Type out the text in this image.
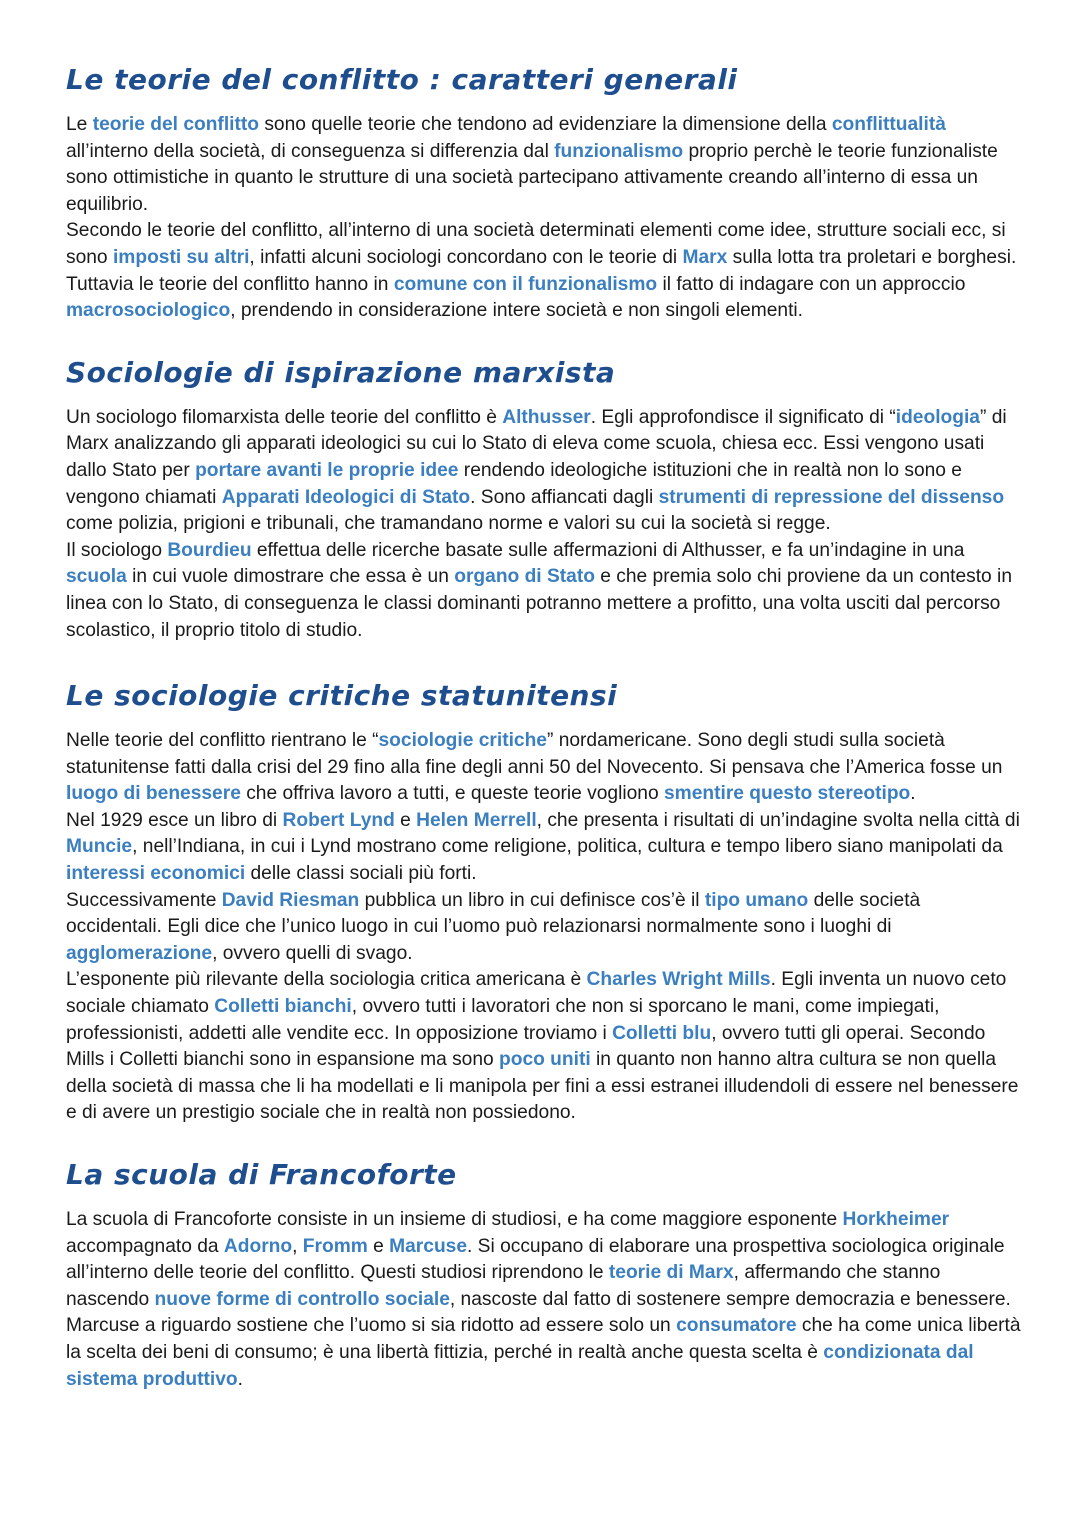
Le teorie del conflitto : caratteri generali

Le teorie del conflitto sono quelle teorie che tendono ad evidenziare la dimensione della conflittualità all’interno della società, di conseguenza si differenzia dal funzionalismo proprio perchè le teorie funzionaliste sono ottimistiche in quanto le strutture di una società partecipano attivamente creando all’interno di essa un equilibrio.

Secondo le teorie del conflitto, all’interno di una società determinati elementi come idee, strutture sociali ecc, si sono imposti su altri, infatti alcuni sociologi concordano con le teorie di Marx sulla lotta tra proletari e borghesi.

Tuttavia le teorie del conflitto hanno in comune con il funzionalismo il fatto di indagare con un approccio macrosociologico, prendendo in considerazione intere società e non singoli elementi.

Sociologie di ispirazione marxista

Un sociologo filomarxista delle teorie del conflitto è Althusser. Egli approfondisce il significato di “ideologia” di Marx analizzando gli apparati ideologici su cui lo Stato di eleva come scuola, chiesa ecc. Essi vengono usati dallo Stato per portare avanti le proprie idee rendendo ideologiche istituzioni che in realtà non lo sono e vengono chiamati Apparati Ideologici di Stato. Sono affiancati dagli strumenti di repressione del dissenso come polizia, prigioni e tribunali, che tramandano norme e valori su cui la società si regge.

Il sociologo Bourdieu effettua delle ricerche basate sulle affermazioni di Althusser, e fa un’indagine in una scuola in cui vuole dimostrare che essa è un organo di Stato e che premia solo chi proviene da un contesto in linea con lo Stato, di conseguenza le classi dominanti potranno mettere a profitto, una volta usciti dal percorso scolastico, il proprio titolo di studio.

Le sociologie critiche statunitensi

Nelle teorie del conflitto rientrano le “sociologie critiche” nordamericane. Sono degli studi sulla società statunitense fatti dalla crisi del 29 fino alla fine degli anni 50 del Novecento. Si pensava che l’America fosse un luogo di benessere che offriva lavoro a tutti, e queste teorie vogliono smentire questo stereotipo.

Nel 1929 esce un libro di Robert Lynd e Helen Merrell, che presenta i risultati di un’indagine svolta nella città di Muncie, nell’Indiana, in cui i Lynd mostrano come religione, politica, cultura e tempo libero siano manipolati da interessi economici delle classi sociali più forti.

Successivamente David Riesman pubblica un libro in cui definisce cos’è il tipo umano delle società occidentali. Egli dice che l’unico luogo in cui l’uomo può relazionarsi normalmente sono i luoghi di agglomerazione, ovvero quelli di svago.

L’esponente più rilevante della sociologia critica americana è Charles Wright Mills. Egli inventa un nuovo ceto sociale chiamato Colletti bianchi, ovvero tutti i lavoratori che non si sporcano le mani, come impiegati, professionisti, addetti alle vendite ecc. In opposizione troviamo i Colletti blu, ovvero tutti gli operai. Secondo Mills i Colletti bianchi sono in espansione ma sono poco uniti in quanto non hanno altra cultura se non quella della società di massa che li ha modellati e li manipola per fini a essi estranei illudendoli di essere nel benessere e di avere un prestigio sociale che in realtà non possiedono.

La scuola di Francoforte

La scuola di Francoforte consiste in un insieme di studiosi, e ha come maggiore esponente Horkheimer accompagnato da Adorno, Fromm e Marcuse. Si occupano di elaborare una prospettiva sociologica originale all’interno delle teorie del conflitto. Questi studiosi riprendono le teorie di Marx, affermando che stanno nascendo nuove forme di controllo sociale, nascoste dal fatto di sostenere sempre democrazia e benessere. Marcuse a riguardo sostiene che l’uomo si sia ridotto ad essere solo un consumatore che ha come unica libertà la scelta dei beni di consumo; è una libertà fittizia, perché in realtà anche questa scelta è condizionata dal sistema produttivo.
